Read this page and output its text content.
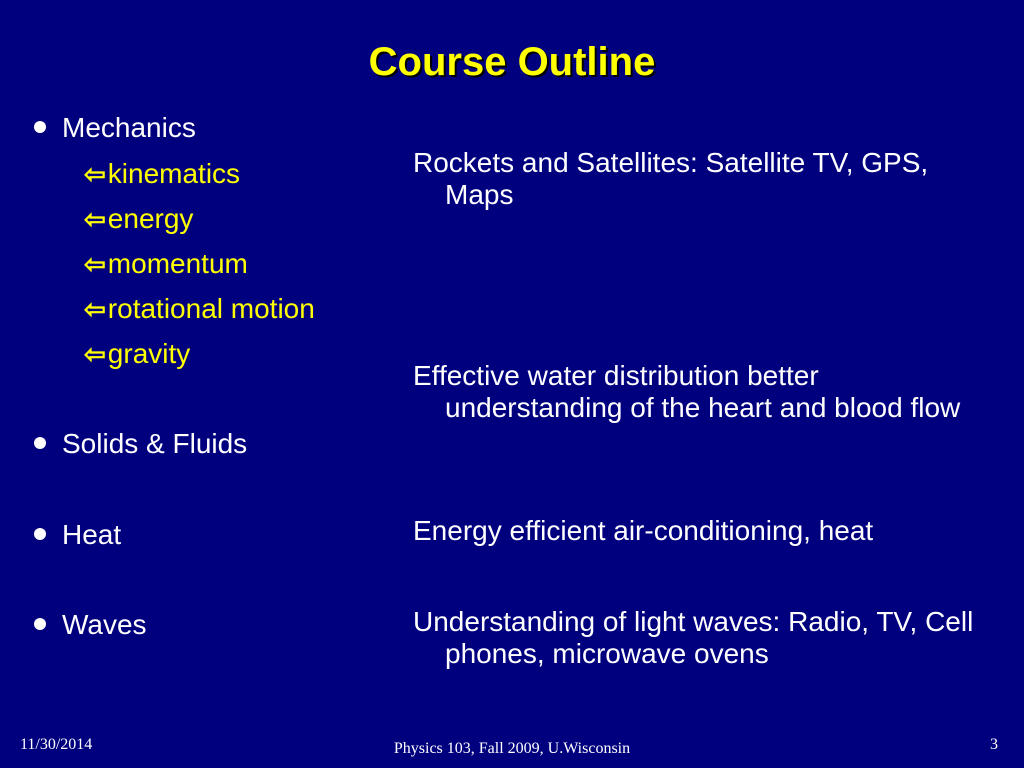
Course Outline
Mechanics
⇦kinematics
⇦energy
⇦momentum
⇦rotational motion
⇦gravity
Solids & Fluids
Heat
Waves

Rockets and Satellites: Satellite TV, GPS, Maps

Effective water distribution better understanding of the heart and blood flow

Energy efficient air-conditioning, heat

Understanding of light waves: Radio, TV, Cell phones, microwave ovens

11/30/2014	Physics 103, Fall 2009, U.Wisconsin	3
